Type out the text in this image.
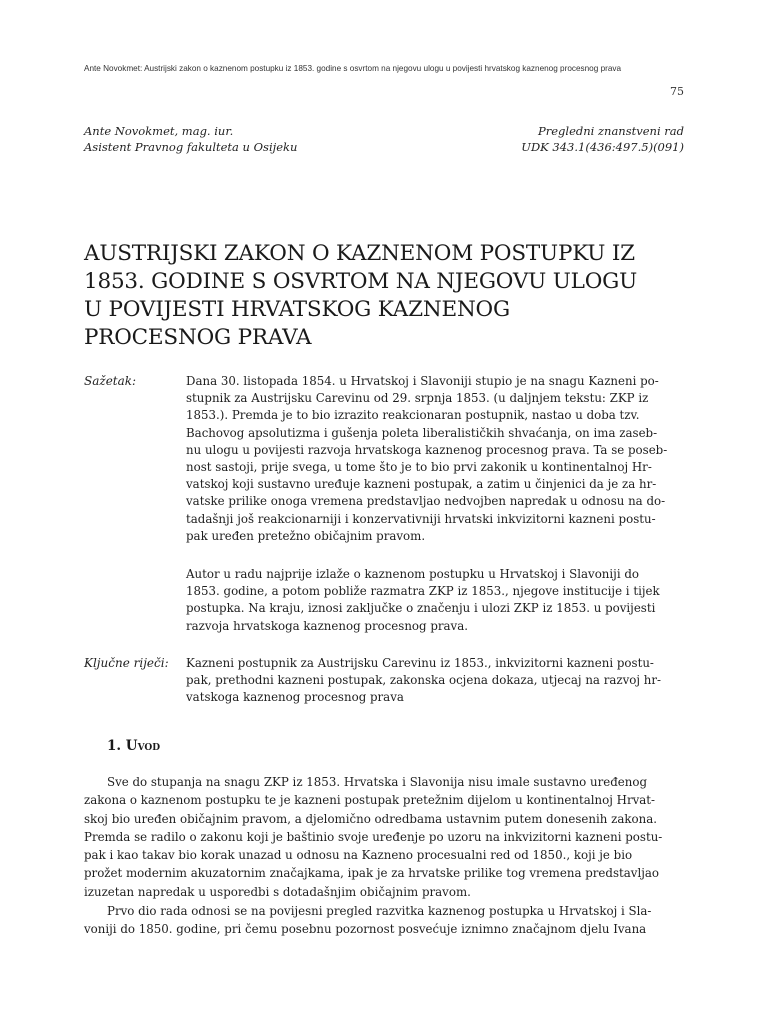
Ante Novokmet: Austrijski zakon o kaznenom postupku iz 1853. godine s osvrtom na njegovu ulogu u povijesti hrvatskog kaznenog procesnog prava
75
Ante Novokmet, mag. iur.
Asistent Pravnog fakulteta u Osijeku
Pregledni znanstveni rad
UDK 343.1(436:497.5)(091)
AUSTRIJSKI ZAKON O KAZNENOM POSTUPKU IZ
1853. GODINE S OSVRTOM NA NJEGOVU ULOGU
U POVIJESTI HRVATSKOG KAZNENOG
PROCESNOG PRAVA
Sažetak:	Dana 30. listopada 1854. u Hrvatskoj i Slavoniji stupio je na snagu Kazneni po-
stupnik za Austrijsku Carevinu od 29. srpnja 1853. (u daljnjem tekstu: ZKP iz
1853.). Premda je to bio izrazito reakcionaran postupnik, nastao u doba tzv.
Bachovog apsolutizma i gušenja poleta liberalističkih shvaćanja, on ima zaseb-
nu ulogu u povijesti razvoja hrvatskoga kaznenog procesnog prava. Ta se poseb-
nost sastoji, prije svega, u tome što je to bio prvi zakonik u kontinentalnoj Hr-
vatskoj koji sustavno uređuje kazneni postupak, a zatim u činjenici da je za hr-
vatske prilike onoga vremena predstavljao nedvojben napredak u odnosu na do-
tadašnji još reakcionarniji i konzervativniji hrvatski inkvizitorni kazneni postu-
pak uređen pretežno običajnim pravom.
Autor u radu najprije izlaže o kaznenom postupku u Hrvatskoj i Slavoniji do
1853. godine, a potom pobliže razmatra ZKP iz 1853., njegove institucije i tijek
postupka. Na kraju, iznosi zaključke o značenju i ulozi ZKP iz 1853. u povijesti
razvoja hrvatskoga kaznenog procesnog prava.
Ključne riječi: Kazneni postupnik za Austrijsku Carevinu iz 1853., inkvizitorni kazneni postu-
pak, prethodni kazneni postupak, zakonska ocjena dokaza, utjecaj na razvoj hr-
vatskoga kaznenog procesnog prava
1. Uvod
Sve do stupanja na snagu ZKP iz 1853. Hrvatska i Slavonija nisu imale sustavno uređenog
zakona o kaznenom postupku te je kazneni postupak pretežnim dijelom u kontinentalnoj Hrvat-
skoj bio uređen običajnim pravom, a djelomično odredbama ustavnim putem donesenih zakona.
Premda se radilo o zakonu koji je baštinio svoje uređenje po uzoru na inkvizitorni kazneni postu-
pak i kao takav bio korak unazad u odnosu na Kazneno procesualni red od 1850., koji je bio
prožet modernim akuzatornim značajkama, ipak je za hrvatske prilike tog vremena predstavljao
izuzetan napredak u usporedbi s dotadašnjim običajnim pravom.
Prvo dio rada odnosi se na povijesni pregled razvitka kaznenog postupka u Hrvatskoj i Sla-
voniji do 1850. godine, pri čemu posebnu pozornost posvećuje iznimno značajnom djelu Ivana
